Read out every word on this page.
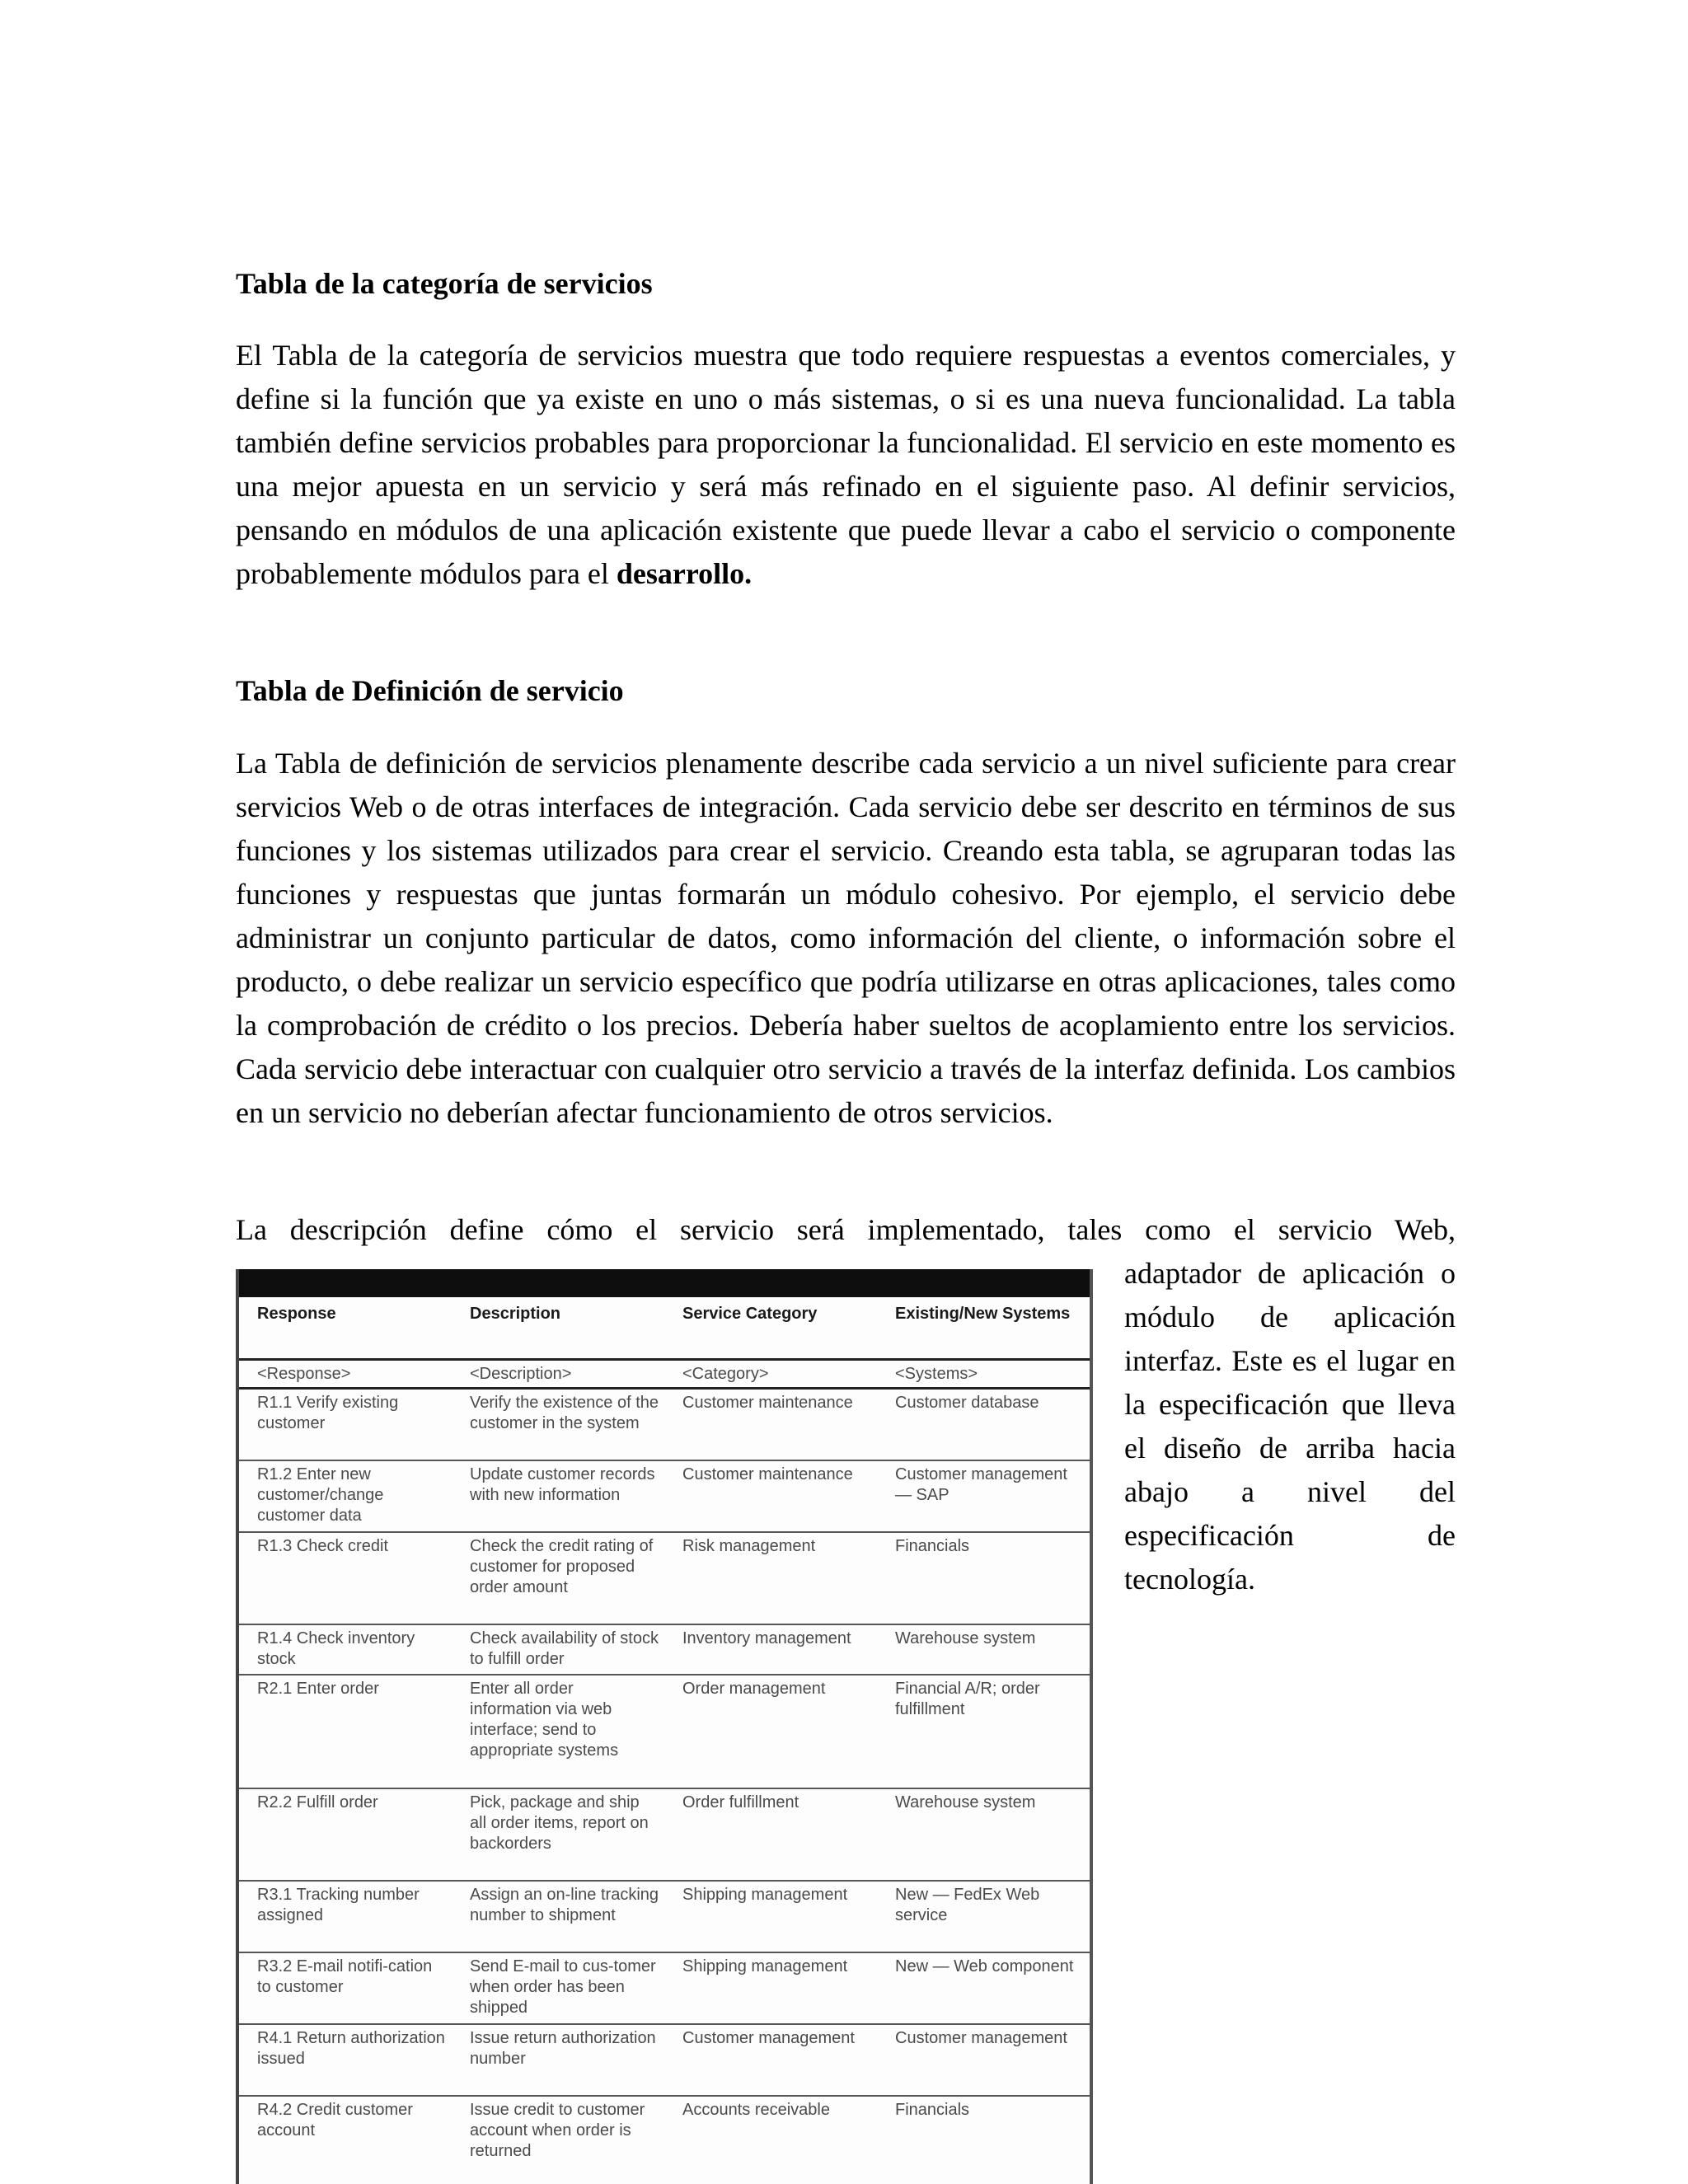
Tabla de la categoría de servicios
El Tabla de la categoría de servicios muestra que todo requiere respuestas a eventos comerciales, y define si la función que ya existe en uno o más sistemas, o si es una nueva funcionalidad. La tabla también define servicios probables para proporcionar la funcionalidad. El servicio en este momento es una mejor apuesta en un servicio y será más refinado en el siguiente paso. Al definir servicios, pensando en módulos de una aplicación existente que puede llevar a cabo el servicio o componente probablemente módulos para el desarrollo.
Tabla de Definición de servicio
La Tabla de definición de servicios plenamente describe cada servicio a un nivel suficiente para crear servicios Web o de otras interfaces de integración. Cada servicio debe ser descrito en términos de sus funciones y los sistemas utilizados para crear el servicio. Creando esta tabla, se agruparan todas las funciones y respuestas que juntas formarán un módulo cohesivo. Por ejemplo, el servicio debe administrar un conjunto particular de datos, como información del cliente, o información sobre el producto, o debe realizar un servicio específico que podría utilizarse en otras aplicaciones, tales como la comprobación de crédito o los precios. Debería haber sueltos de acoplamiento entre los servicios. Cada servicio debe interactuar con cualquier otro servicio a través de la interfaz definida. Los cambios en un servicio no deberían afectar funcionamiento de otros servicios.
La descripción define cómo el servicio será implementado, tales como el servicio Web,
adaptador de aplicación o módulo de aplicación interfaz. Este es el lugar en la especificación que lleva el diseño de arriba hacia abajo a nivel del especificación de tecnología.
Response	Description	Service Category	Existing/New Systems
<Response>	<Description>	<Category>	<Systems>
R1.1 Verify existing customer	Verify the existence of the customer in the system	Customer maintenance	Customer database
R1.2 Enter new customer/change customer data	Update customer records with new information	Customer maintenance	Customer management — SAP
R1.3 Check credit	Check the credit rating of customer for proposed order amount	Risk management	Financials
R1.4 Check inventory stock	Check availability of stock to fulfill order	Inventory management	Warehouse system
R2.1 Enter order	Enter all order information via web interface; send to appropriate systems	Order management	Financial A/R; order fulfillment
R2.2 Fulfill order	Pick, package and ship all order items, report on backorders	Order fulfillment	Warehouse system
R3.1 Tracking number assigned	Assign an on-line tracking number to shipment	Shipping management	New — FedEx Web service
R3.2 E-mail notifi-cation to customer	Send E-mail to cus-tomer when order has been shipped	Shipping management	New — Web component
R4.1 Return authorization issued	Issue return authorization number	Customer management	Customer management
R4.2 Credit customer account	Issue credit to customer account when order is returned	Accounts receivable	Financials
